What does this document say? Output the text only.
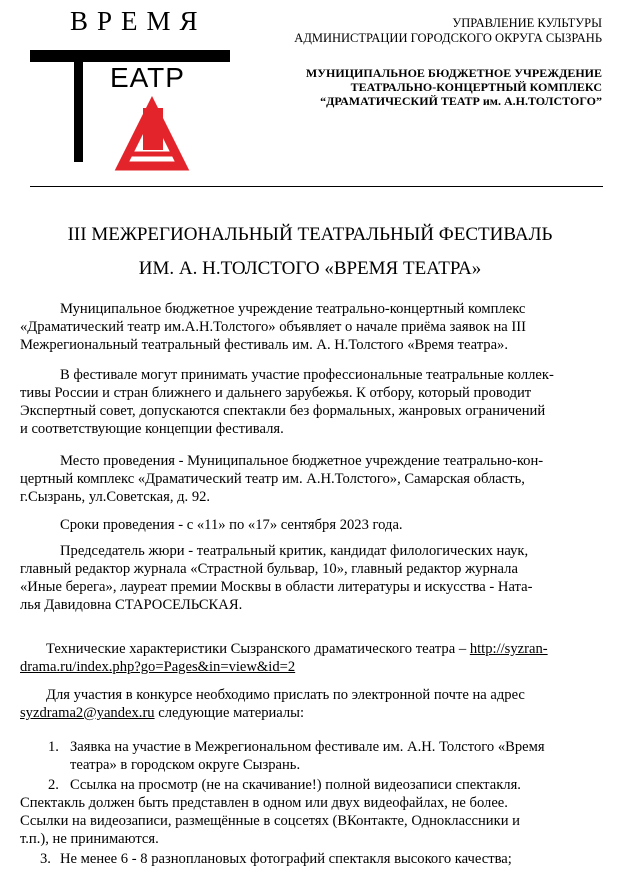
ВРЕМЯ
ЕАТР
УПРАВЛЕНИЕ КУЛЬТУРЫ
АДМИНИСТРАЦИИ ГОРОДСКОГО ОКРУГА СЫЗРАНЬ
МУНИЦИПАЛЬНОЕ БЮДЖЕТНОЕ УЧРЕЖДЕНИЕ
ТЕАТРАЛЬНО-КОНЦЕРТНЫЙ КОМПЛЕКС
“ДРАМАТИЧЕСКИЙ ТЕАТР им. А.Н.ТОЛСТОГО”
III МЕЖРЕГИОНАЛЬНЫЙ ТЕАТРАЛЬНЫЙ ФЕСТИВАЛЬ
ИМ. А. Н.ТОЛСТОГО «ВРЕМЯ ТЕАТРА»
Муниципальное бюджетное учреждение театрально-концертный комплекс
«Драматический театр им.А.Н.Толстого» объявляет о начале приёма заявок на III
Межрегиональный театральный фестиваль им. А. Н.Толстого «Время театра».
В фестивале могут принимать участие профессиональные театральные коллек-
тивы России и стран ближнего и дальнего зарубежья. К отбору, который проводит
Экспертный совет, допускаются спектакли без формальных, жанровых ограничений
и соответствующие концепции фестиваля.
Место проведения - Муниципальное бюджетное учреждение театрально-кон-
цертный комплекс «Драматический театр им. А.Н.Толстого», Самарская область,
г.Сызрань, ул.Советская, д. 92.
Сроки проведения - с «11» по «17» сентября 2023 года.
Председатель жюри - театральный критик, кандидат филологических наук,
главный редактор журнала «Страстной бульвар, 10», главный редактор журнала
«Иные берега», лауреат премии Москвы в области литературы и искусства - Ната-
лья Давидовна СТАРОСЕЛЬСКАЯ.
Технические характеристики Сызранского драматического театра – http://syzran-
drama.ru/index.php?go=Pages&in=view&id=2
Для участия в конкурсе необходимо прислать по электронной почте на адрес
syzdrama2@yandex.ru следующие материалы:
1. Заявка на участие в Межрегиональном фестивале им. А.Н. Толстого «Время
театра» в городском округе Сызрань.
2. Ссылка на просмотр (не на скачивание!) полной видеозаписи спектакля.
Спектакль должен быть представлен в одном или двух видеофайлах, не более.
Ссылки на видеозаписи, размещённые в соцсетях (ВКонтакте, Одноклассники и
т.п.), не принимаются.
3. Не менее 6 - 8 разноплановых фотографий спектакля высокого качества;
